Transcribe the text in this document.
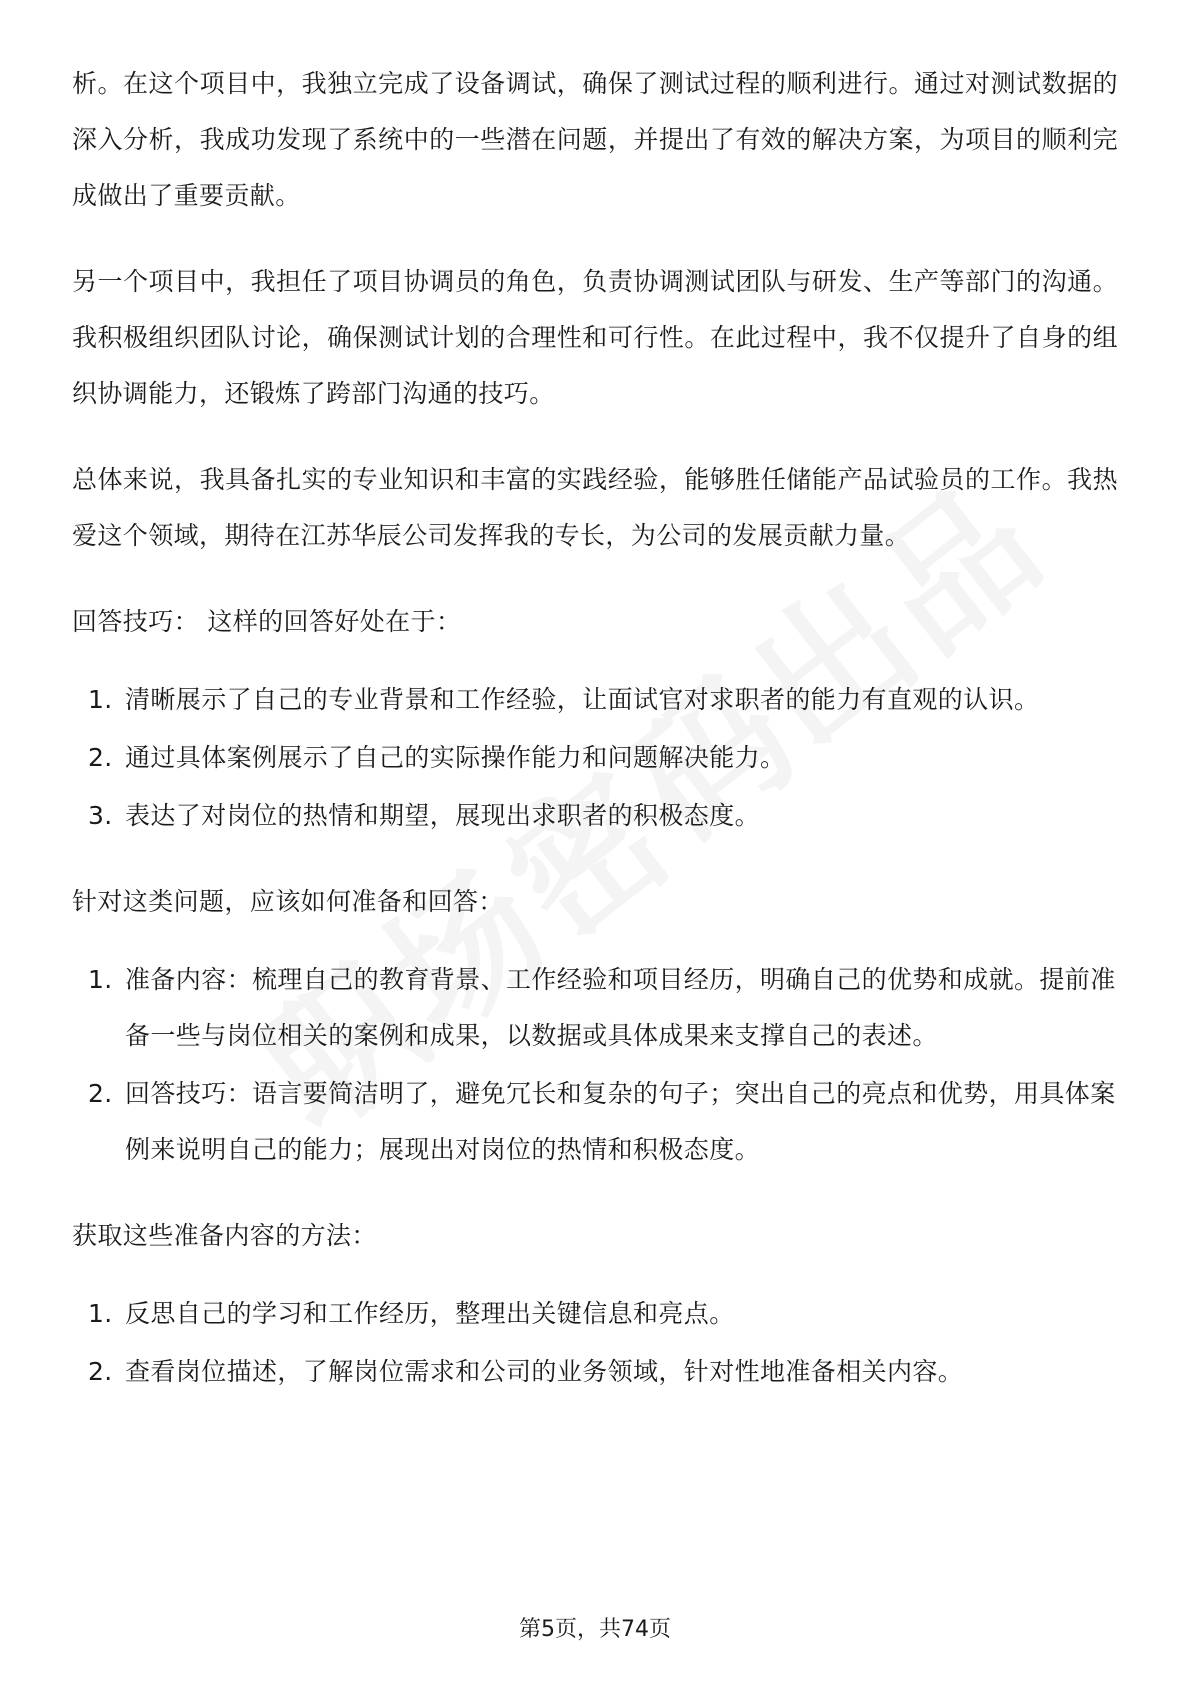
析。在这个项目中，我独立完成了设备调试，确保了测试过程的顺利进行。通过对测试数据的深入分析，我成功发现了系统中的一些潜在问题，并提出了有效的解决方案，为项目的顺利完成做出了重要贡献。

另一个项目中，我担任了项目协调员的角色，负责协调测试团队与研发、生产等部门的沟通。我积极组织团队讨论，确保测试计划的合理性和可行性。在此过程中，我不仅提升了自身的组织协调能力，还锻炼了跨部门沟通的技巧。

总体来说，我具备扎实的专业知识和丰富的实践经验，能够胜任储能产品试验员的工作。我热爱这个领域，期待在江苏华辰公司发挥我的专长，为公司的发展贡献力量。

回答技巧： 这样的回答好处在于：

1. 清晰展示了自己的专业背景和工作经验，让面试官对求职者的能力有直观的认识。
2. 通过具体案例展示了自己的实际操作能力和问题解决能力。
3. 表达了对岗位的热情和期望，展现出求职者的积极态度。

针对这类问题，应该如何准备和回答：

1. 准备内容：梳理自己的教育背景、工作经验和项目经历，明确自己的优势和成就。提前准备一些与岗位相关的案例和成果，以数据或具体成果来支撑自己的表述。
2. 回答技巧：语言要简洁明了，避免冗长和复杂的句子；突出自己的亮点和优势，用具体案例来说明自己的能力；展现出对岗位的热情和积极态度。

获取这些准备内容的方法：

1. 反思自己的学习和工作经历，整理出关键信息和亮点。
2. 查看岗位描述，了解岗位需求和公司的业务领域，针对性地准备相关内容。
第5页，共74页
